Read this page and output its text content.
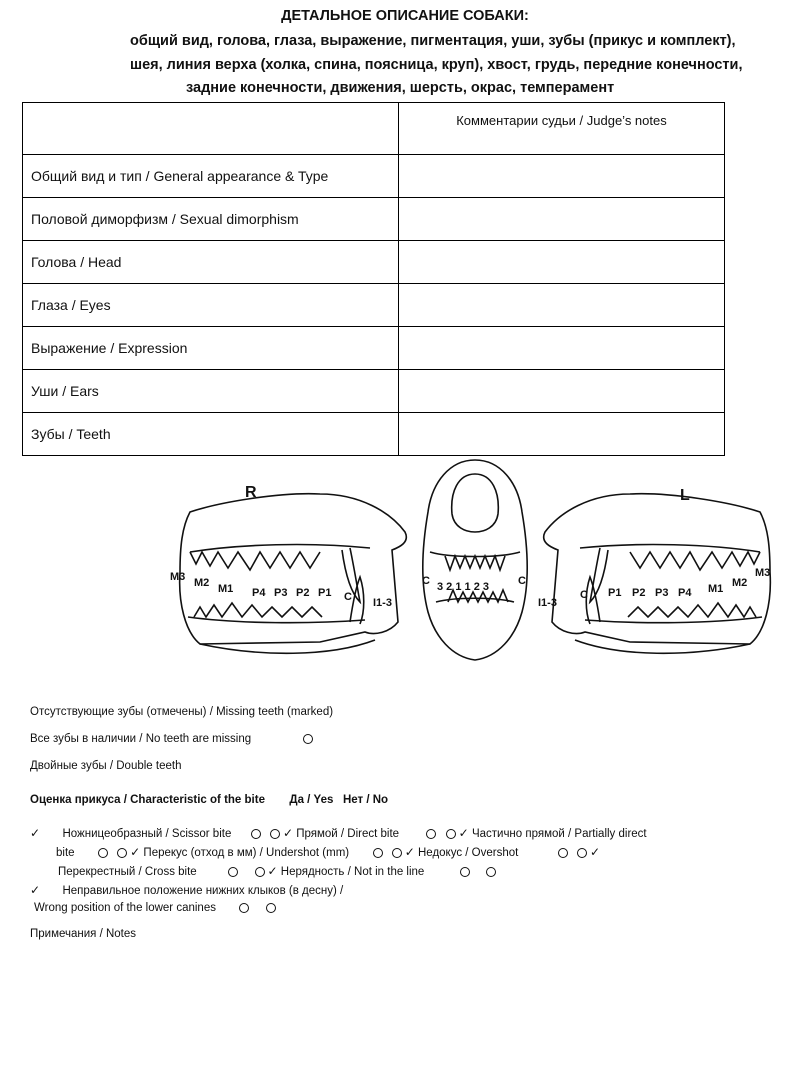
ДЕТАЛЬНОЕ ОПИСАНИЕ СОБАКИ:
общий вид, голова, глаза, выражение, пигментация, уши, зубы (прикус и комплект),
шея, линия верха (холка, спина, поясница, круп), хвост, грудь, передние конечности,
задние конечности, движения, шерсть, окрас, темперамент
	Комментарии судьи / Judge’s notes
Общий вид и тип / General appearance & Type	
Половой диморфизм / Sexual dimorphism	
Голова / Head	
Глаза / Eyes	
Выражение / Expression	
Уши / Ears	
Зубы / Teeth	
R	L
M3 M2 M1 P4 P3 P2 P1 C I1-3	I1-3
C P1 P2 P3 P4 M1 M2
M3
C	C
3 2 1 1 2 3
Отсутствующие зубы (отмечены) / Missing teeth (marked)
Все зубы в наличии / No teeth are missing
Двойные зубы / Double teeth
Оценка прикуса / Characteristic of the bite Да / Yes   Нет / No
✓ Ножницеобразный / Scissor bite	✓ Прямой / Direct bite	✓ Частично прямой / Partially direct
bite	✓ Перекус (отход в мм) / Undershot (mm)	✓ Недокус / Overshot	✓
Перекрестный / Cross bite	✓ Нерядность / Not in the line
✓ Неправильное положение нижних клыков (в десну) /
Wrong position of the lower canines
Примечания / Notes
